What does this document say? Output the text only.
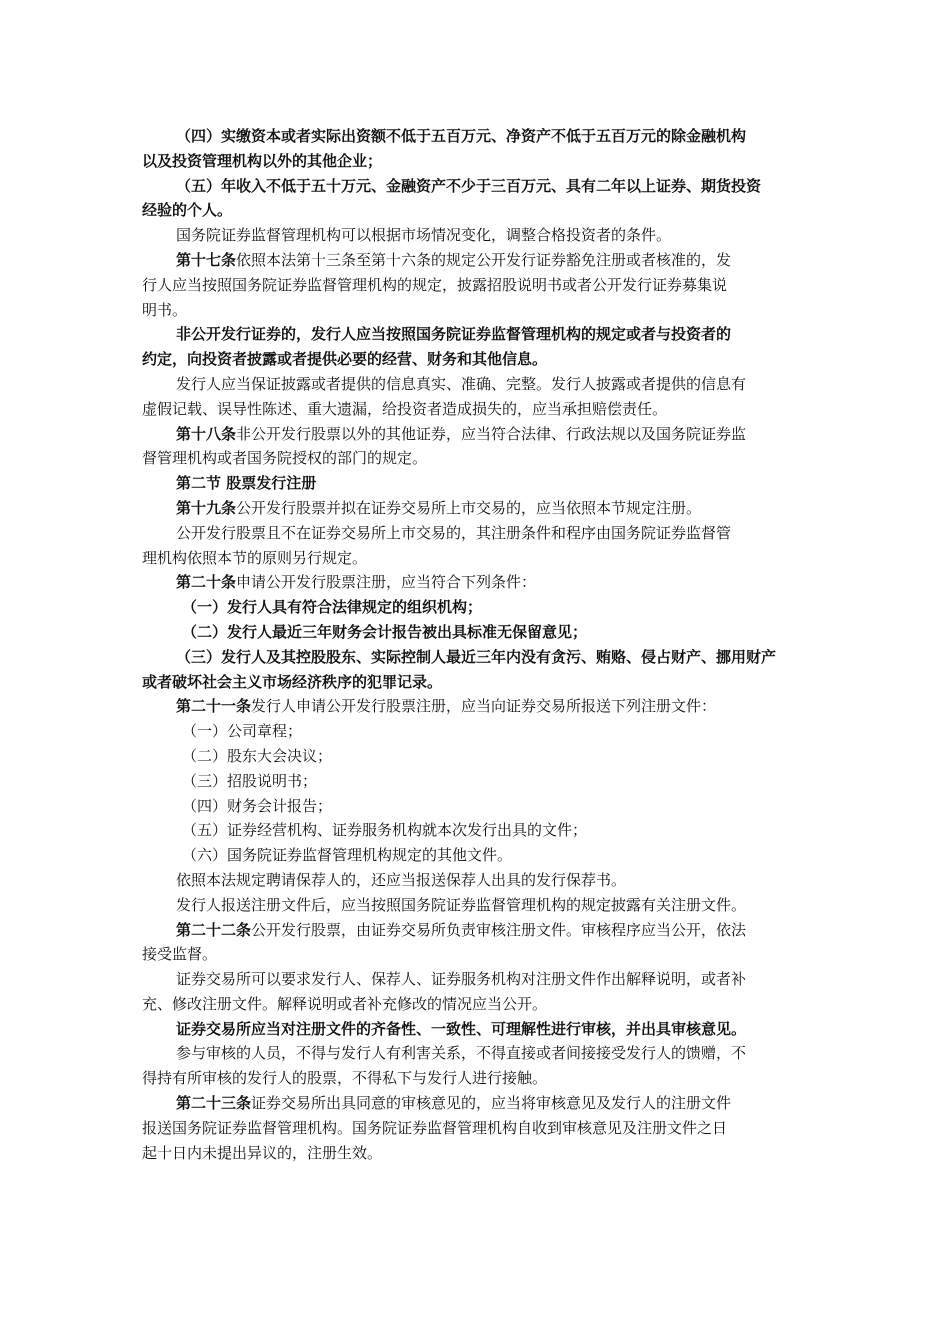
（四）实缴资本或者实际出资额不低于五百万元、净资产不低于五百万元的除金融机构
以及投资管理机构以外的其他企业；
（五）年收入不低于五十万元、金融资产不少于三百万元、具有二年以上证券、期货投资
经验的个人。
国务院证券监督管理机构可以根据市场情况变化，调整合格投资者的条件。
第十七条依照本法第十三条至第十六条的规定公开发行证券豁免注册或者核准的，发
行人应当按照国务院证券监督管理机构的规定，披露招股说明书或者公开发行证券募集说
明书。
非公开发行证券的，发行人应当按照国务院证券监督管理机构的规定或者与投资者的
约定，向投资者披露或者提供必要的经营、财务和其他信息。
发行人应当保证披露或者提供的信息真实、准确、完整。发行人披露或者提供的信息有
虚假记载、误导性陈述、重大遗漏，给投资者造成损失的，应当承担赔偿责任。
第十八条非公开发行股票以外的其他证券，应当符合法律、行政法规以及国务院证券监
督管理机构或者国务院授权的部门的规定。
第二节 股票发行注册
第十九条公开发行股票并拟在证券交易所上市交易的，应当依照本节规定注册。
公开发行股票且不在证券交易所上市交易的，其注册条件和程序由国务院证券监督管
理机构依照本节的原则另行规定。
第二十条申请公开发行股票注册，应当符合下列条件：
（一）发行人具有符合法律规定的组织机构；
（二）发行人最近三年财务会计报告被出具标准无保留意见；
（三）发行人及其控股股东、实际控制人最近三年内没有贪污、贿赂、侵占财产、挪用财产
或者破坏社会主义市场经济秩序的犯罪记录。
第二十一条发行人申请公开发行股票注册，应当向证券交易所报送下列注册文件：
（一）公司章程；
（二）股东大会决议；
（三）招股说明书；
（四）财务会计报告；
（五）证券经营机构、证券服务机构就本次发行出具的文件；
（六）国务院证券监督管理机构规定的其他文件。
依照本法规定聘请保荐人的，还应当报送保荐人出具的发行保荐书。
发行人报送注册文件后，应当按照国务院证券监督管理机构的规定披露有关注册文件。
第二十二条公开发行股票，由证券交易所负责审核注册文件。审核程序应当公开，依法
接受监督。
证券交易所可以要求发行人、保荐人、证券服务机构对注册文件作出解释说明，或者补
充、修改注册文件。解释说明或者补充修改的情况应当公开。
证券交易所应当对注册文件的齐备性、一致性、可理解性进行审核，并出具审核意见。
参与审核的人员，不得与发行人有利害关系，不得直接或者间接接受发行人的馈赠，不
得持有所审核的发行人的股票，不得私下与发行人进行接触。
第二十三条证券交易所出具同意的审核意见的，应当将审核意见及发行人的注册文件
报送国务院证券监督管理机构。国务院证券监督管理机构自收到审核意见及注册文件之日
起十日内未提出异议的，注册生效。
